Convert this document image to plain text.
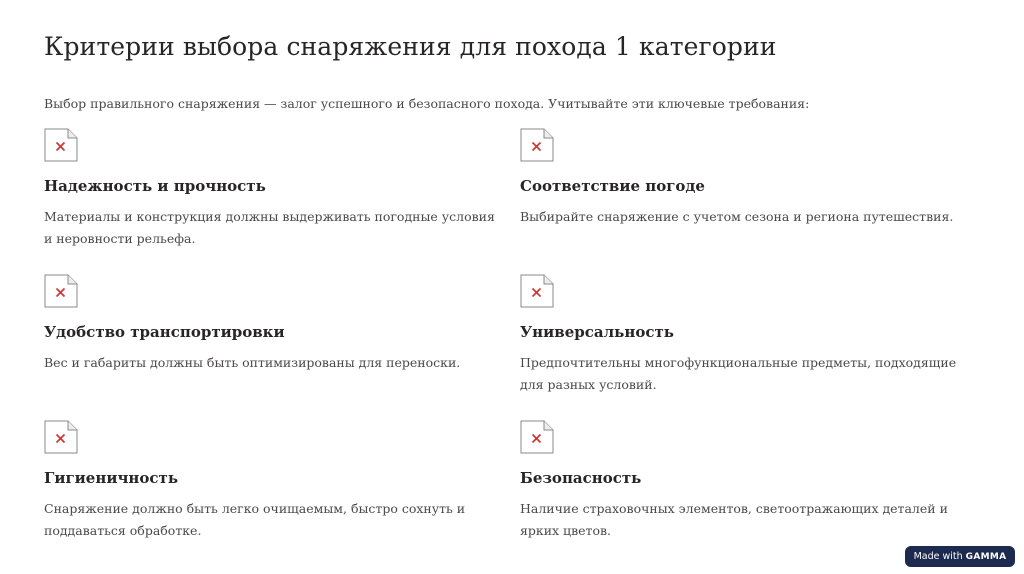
Критерии выбора снаряжения для похода 1 категории

Выбор правильного снаряжения — залог успешного и безопасного похода. Учитывайте эти ключевые требования:

Надежность и прочность

Материалы и конструкция должны выдерживать погодные условия и неровности рельефа.

Соответствие погоде

Выбирайте снаряжение с учетом сезона и региона путешествия.

Удобство транспортировки

Вес и габариты должны быть оптимизированы для переноски.

Универсальность

Предпочтительны многофункциональные предметы, подходящие для разных условий.

Гигиеничность

Снаряжение должно быть легко очищаемым, быстро сохнуть и поддаваться обработке.

Безопасность

Наличие страховочных элементов, светоотражающих деталей и ярких цветов.

Made with GAMMA
